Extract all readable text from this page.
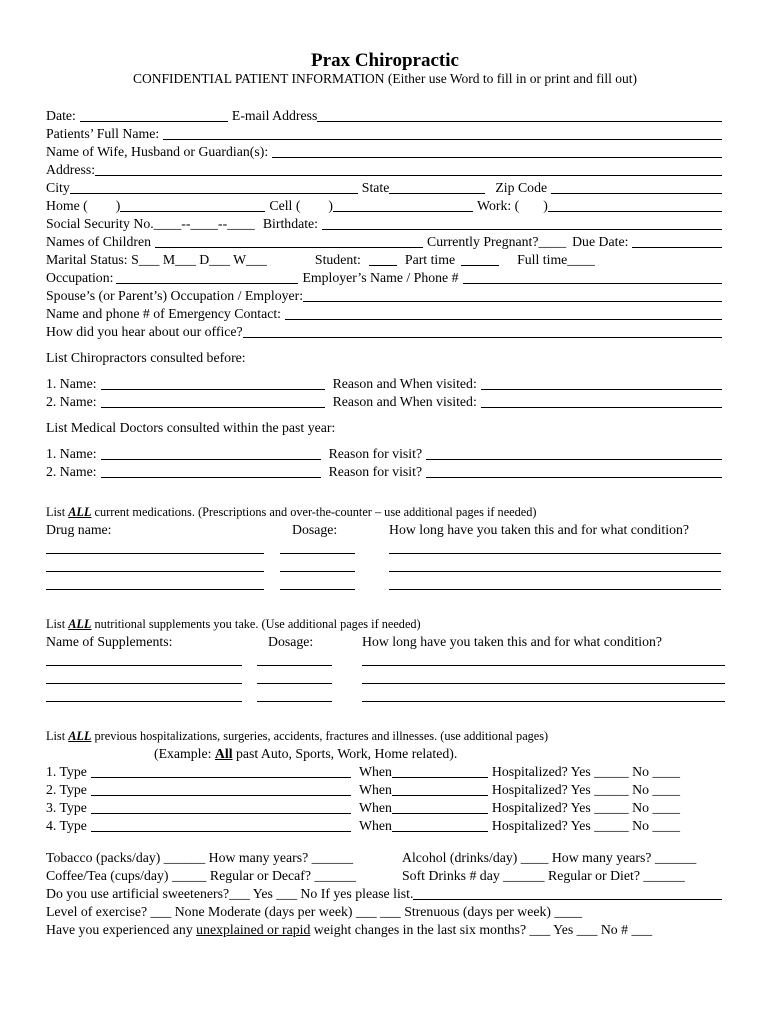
Prax Chiropractic
CONFIDENTIAL PATIENT INFORMATION (Either use Word to fill in or print and fill out)
Date:	E-mail Address
Patients’ Full Name:
Name of Wife, Husband or Guardian(s):
Address:
City	State	Zip Code
Home ( )	Cell ( )	Work: ( )
Social Security No.____--____--____ Birthdate:
Names of Children	Currently Pregnant?____ Due Date:
Marital Status: S___ M___ D___ W___	Student:	Part time	Full time____
Occupation:	Employer’s Name / Phone #
Spouse’s (or Parent’s) Occupation / Employer:
Name and phone # of Emergency Contact:
How did you hear about our office?
List Chiropractors consulted before:
1. Name:	Reason and When visited:
2. Name:	Reason and When visited:
List Medical Doctors consulted within the past year:
1. Name:	Reason for visit?
2. Name:	Reason for visit?
List
ALL
current medications. (Prescriptions and over-the-counter – use additional pages if needed)
Drug name:	Dosage:	How long have you taken this and for what condition?
List
ALL
nutritional supplements you take. (Use additional pages if needed)
Name of Supplements:	Dosage:	How long have you taken this and for what condition?
List
ALL
previous hospitalizations, surgeries, accidents, fractures and illnesses. (use additional pages)
(Example:
All
past Auto, Sports, Work, Home related).
1. Type	When	Hospitalized? Yes _____ No ____
2. Type	When	Hospitalized? Yes _____ No ____
3. Type	When	Hospitalized? Yes _____ No ____
4. Type	When	Hospitalized? Yes _____ No ____
Tobacco (packs/day) ______ How many years? ______	Alcohol (drinks/day) ____ How many years? ______
Coffee/Tea (cups/day) _____ Regular or Decaf? ______	Soft Drinks # day ______ Regular or Diet? ______
Do you use artificial sweeteners?___ Yes ___ No If yes please list.
Level of exercise? ___ None Moderate (days per week) ___ ___ Strenuous (days per week) ____
Have you experienced any
unexplained or rapid
weight changes in the last six months? ___ Yes ___ No # ___
